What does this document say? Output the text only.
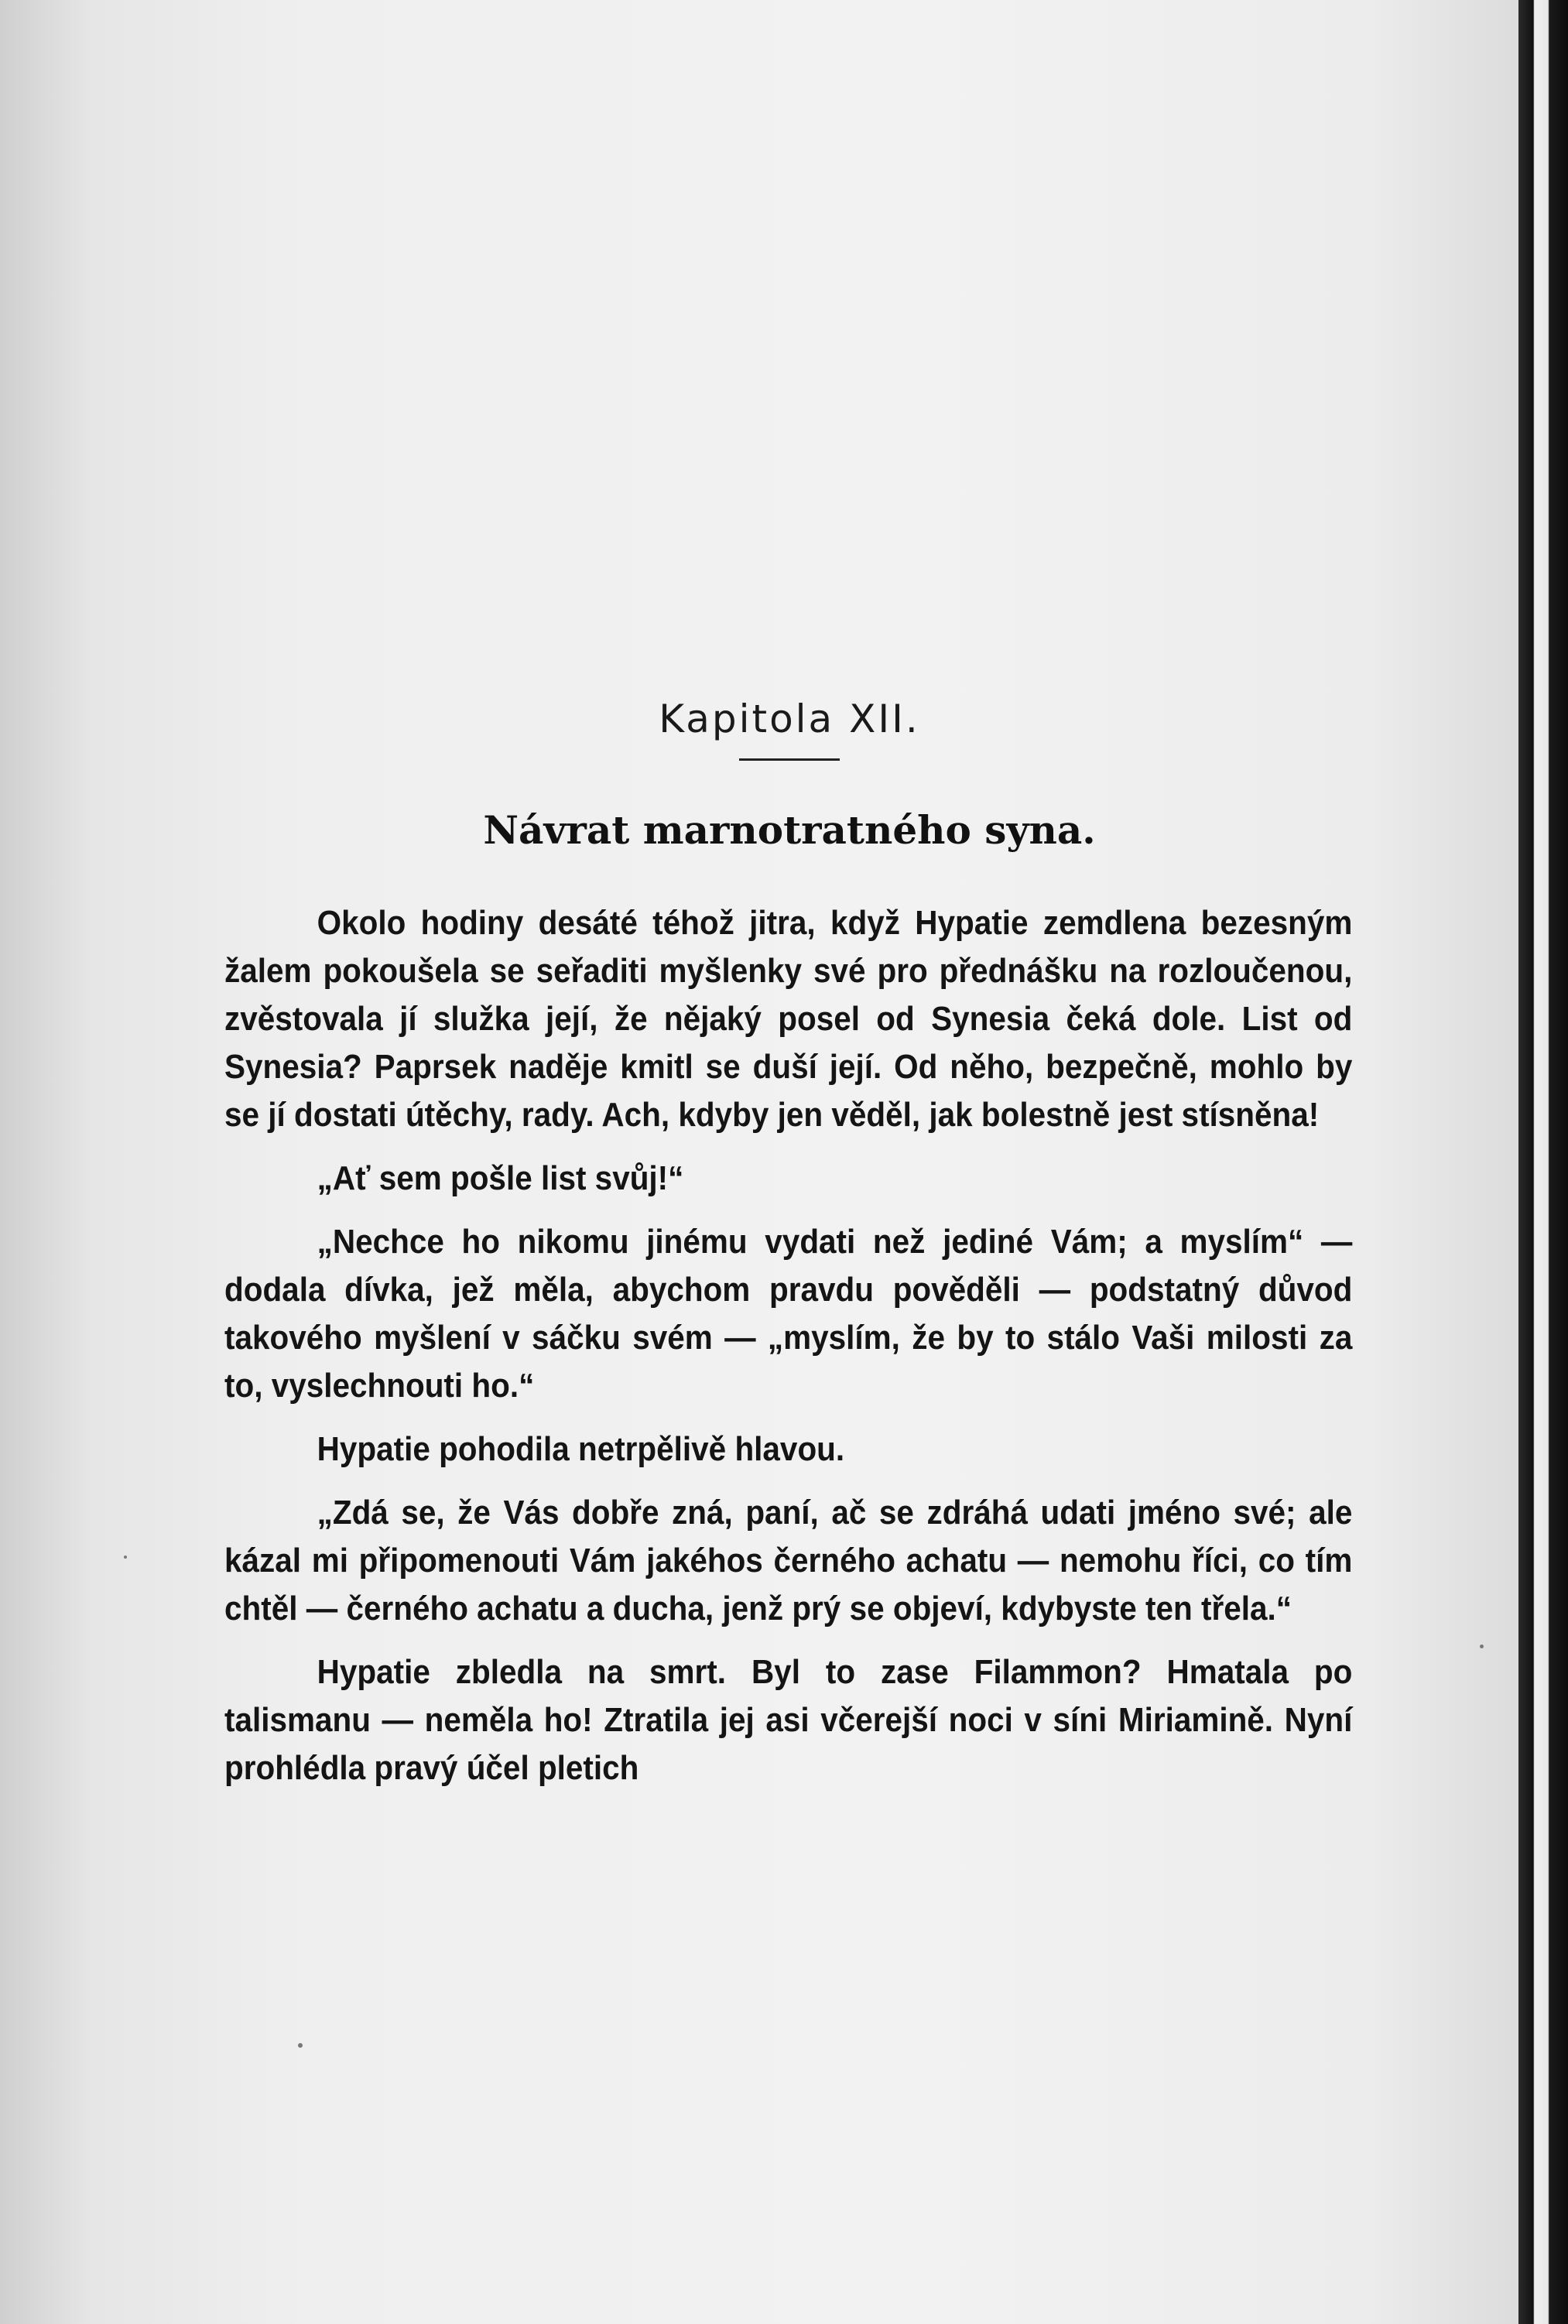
Kapitola XII.
Návrat marnotratného syna.

Okolo hodiny desáté téhož jitra, když Hypatie zemdlena bezesným žalem pokoušela se seřaditi myšlenky své pro přednášku na rozloučenou, zvěstovala jí služka její, že nějaký posel od Synesia čeká dole. List od Synesia? Paprsek naděje kmitl se duší její. Od něho, bezpečně, mohlo by se jí dostati útěchy, rady. Ach, kdyby jen věděl, jak bolestně jest stísněna!

„Ať sem pošle list svůj!“

„Nechce ho nikomu jinému vydati než jediné Vám; a myslím“ — dodala dívka, jež měla, abychom pravdu pověděli — podstatný důvod takového myšlení v sáčku svém — „myslím, že by to stálo Vaši milosti za to, vyslechnouti ho.“

Hypatie pohodila netrpělivě hlavou.

„Zdá se, že Vás dobře zná, paní, ač se zdráhá udati jméno své; ale kázal mi připomenouti Vám jakéhos černého achatu — nemohu říci, co tím chtěl — černého achatu a ducha, jenž prý se objeví, kdybyste ten třela.“

Hypatie zbledla na smrt. Byl to zase Filammon? Hmatala po talismanu — neměla ho! Ztratila jej asi včerejší noci v síni Miriamině. Nyní prohlédla pravý účel pletich
